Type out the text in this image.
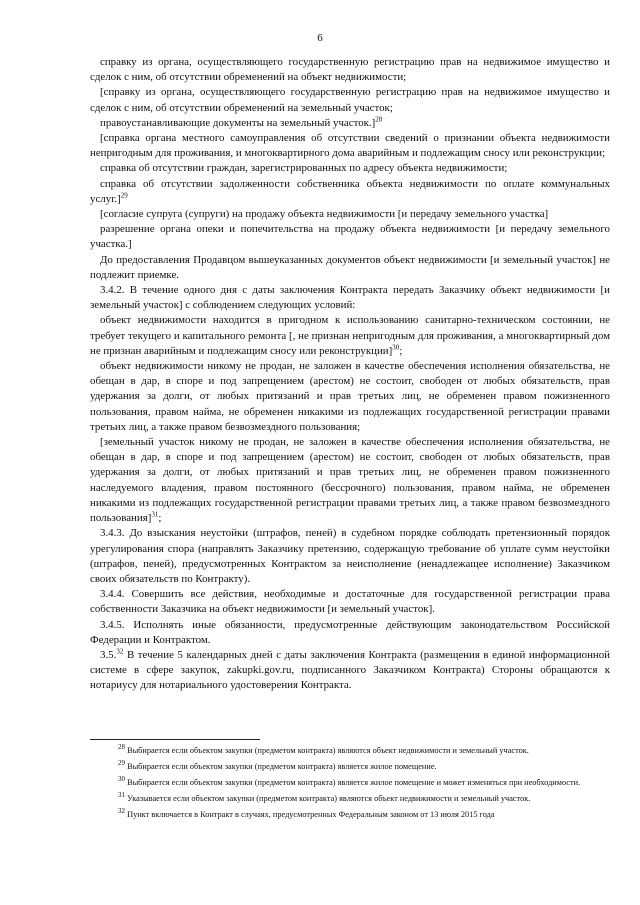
6

справку из органа, осуществляющего государственную регистрацию прав на недвижимое имущество и сделок с ним, об отсутствии обременений на объект недвижимости;

[справку из органа, осуществляющего государственную регистрацию прав на недвижимое имущество и сделок с ним, об отсутствии обременений на земельный участок;

правоустанавливающие документы на земельный участок.]$^{28}$

[справка органа местного самоуправления об отсутствии сведений о признании объекта недвижимости непригодным для проживания, и многоквартирного дома аварийным и подлежащим сносу или реконструкции;

справка об отсутствии граждан, зарегистрированных по адресу объекта недвижимости;

справка об отсутствии задолженности собственника объекта недвижимости по оплате коммунальных услуг.]$^{29}$

[согласие супруга (супруги) на продажу объекта недвижимости [и передачу земельного участка]

разрешение органа опеки и попечительства на продажу объекта недвижимости [и передачу земельного участка.]

До предоставления Продавцом вышеуказанных документов объект недвижимости [и земельный участок] не подлежит приемке.

3.4.2. В течение одного дня с даты заключения Контракта передать Заказчику объект недвижимости [и земельный участок] с соблюдением следующих условий:

объект недвижимости находится в пригодном к использованию санитарно-техническом состоянии, не требует текущего и капитального ремонта [, не признан непригодным для проживания, а многоквартирный дом не признан аварийным и подлежащим сносу или реконструкции]$^{30}$;

объект недвижимости никому не продан, не заложен в качестве обеспечения исполнения обязательства, не обещан в дар, в споре и под запрещением (арестом) не состоит, свободен от любых обязательств, прав удержания за долги, от любых притязаний и прав третьих лиц, не обременен правом пожизненного пользования, правом найма, не обременен никакими из подлежащих государственной регистрации правами третьих лиц, а также правом безвозмездного пользования;

[земельный участок никому не продан, не заложен в качестве обеспечения исполнения обязательства, не обещан в дар, в споре и под запрещением (арестом) не состоит, свободен от любых обязательств, прав удержания за долги, от любых притязаний и прав третьих лиц, не обременен правом пожизненного наследуемого владения, правом постоянного (бессрочного) пользования, правом найма, не обременен никакими из подлежащих государственной регистрации правами третьих лиц, а также правом безвозмездного пользования]$^{31}$;

3.4.3. До взыскания неустойки (штрафов, пеней) в судебном порядке соблюдать претензионный порядок урегулирования спора (направлять Заказчику претензию, содержащую требование об уплате сумм неустойки (штрафов, пеней), предусмотренных Контрактом за неисполнение (ненадлежащее исполнение) Заказчиком своих обязательств по Контракту).

3.4.4. Совершить все действия, необходимые и достаточные для государственной регистрации права собственности Заказчика на объект недвижимости [и земельный участок].

3.4.5. Исполнять иные обязанности, предусмотренные действующим законодательством Российской Федерации и Контрактом.

3.5.32 В течение 5 календарных дней с даты заключения Контракта (размещения в единой информационной системе в сфере закупок, zakupki.gov.ru, подписанного Заказчиком Контракта) Стороны обращаются к нотариусу для нотариального удостоверения Контракта.

$^{28}$ Выбирается если объектом закупки (предметом контракта) являются объект недвижимости и земельный участок.

$^{29}$ Выбирается если объектом закупки (предметом контракта) является жилое помещение.

$^{30}$ Выбирается если объектом закупки (предметом контракта) является жилое помещение и может изменяться при необходимости.

$^{31}$ Указывается если объектом закупки (предметом контракта) являются объект недвижимости и земельный участок.

$^{32}$ Пункт включается в Контракт в случаях, предусмотренных Федеральным законом от 13 июля 2015 года
